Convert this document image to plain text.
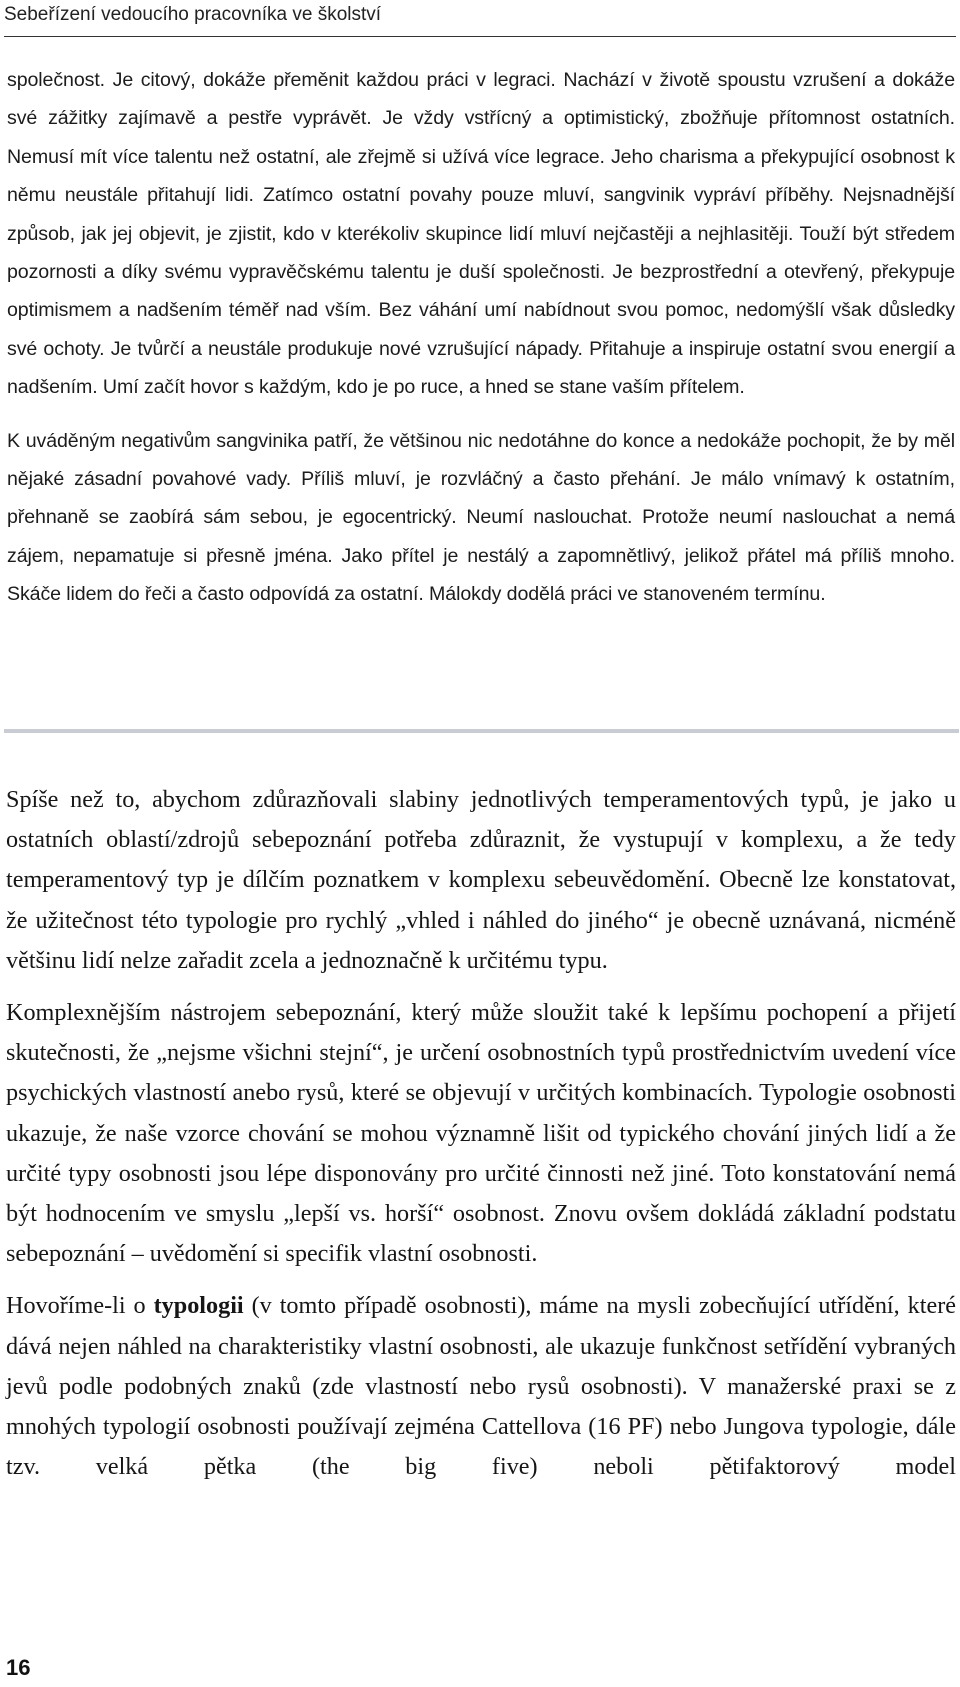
Sebeřízení vedoucího pracovníka ve školství

společnost. Je citový, dokáže přeměnit každou práci v legraci. Nachází v životě spoustu vzrušení a dokáže své zážitky zajímavě a pestře vyprávět. Je vždy vstřícný a optimistický, zbožňuje přítomnost ostatních. Nemusí mít více talentu než ostatní, ale zřejmě si užívá více legrace. Jeho charisma a překypující osobnost k němu neustále přitahují lidi. Zatímco ostatní povahy pouze mluví, sangvinik vypráví příběhy. Nejsnadnější způsob, jak jej objevit, je zjistit, kdo v kterékoliv skupince lidí mluví nejčastěji a nejhlasitěji. Touží být středem pozornosti a díky svému vypravěčskému talentu je duší společnosti. Je bezprostřední a otevřený, překypuje optimismem a nadšením téměř nad vším. Bez váhání umí nabídnout svou pomoc, nedomýšlí však důsledky své ochoty. Je tvůrčí a neustále produkuje nové vzrušující nápady. Přitahuje a inspiruje ostatní svou energií a nadšením. Umí začít hovor s každým, kdo je po ruce, a hned se stane vaším přítelem.

K uváděným negativům sangvinika patří, že většinou nic nedotáhne do konce a nedokáže pochopit, že by měl nějaké zásadní povahové vady. Příliš mluví, je rozvláčný a často přehání. Je málo vnímavý k ostatním, přehnaně se zaobírá sám sebou, je egocentrický. Neumí naslouchat. Protože neumí naslouchat a nemá zájem, nepamatuje si přesně jména. Jako přítel je nestálý a zapomnětlivý, jelikož přátel má příliš mnoho. Skáče lidem do řeči a často odpovídá za ostatní. Málokdy dodělá práci ve stanoveném termínu.

Spíše než to, abychom zdůrazňovali slabiny jednotlivých temperamentových typů, je jako u ostatních oblastí/zdrojů sebepoznání potřeba zdůraznit, že vystupují v komplexu, a že tedy temperamentový typ je dílčím poznatkem v komplexu sebeuvědomění. Obecně lze konstatovat, že užitečnost této typologie pro rychlý „vhled i náhled do jiného“ je obecně uznávaná, nicméně většinu lidí nelze zařadit zcela a jednoznačně k určitému typu.

Komplexnějším nástrojem sebepoznání, který může sloužit také k lepšímu pochopení a přijetí skutečnosti, že „nejsme všichni stejní“, je určení osobnostních typů prostřednictvím uvedení více psychických vlastností anebo rysů, které se objevují v určitých kombinacích. Typologie osobnosti ukazuje, že naše vzorce chování se mohou významně lišit od typického chování jiných lidí a že určité typy osobnosti jsou lépe disponovány pro určité činnosti než jiné. Toto konstatování nemá být hodnocením ve smyslu „lepší vs. horší“ osobnost. Znovu ovšem dokládá základní podstatu sebepoznání – uvědomění si specifik vlastní osobnosti.

Hovoříme-li o typologii (v tomto případě osobnosti), máme na mysli zobecňující utřídění, které dává nejen náhled na charakteristiky vlastní osobnosti, ale ukazuje funkčnost setřídění vybraných jevů podle podobných znaků (zde vlastností nebo rysů osobnosti). V manažerské praxi se z mnohých typologií osobnosti používají zejména Cattellova (16 PF) nebo Jungova typologie, dále tzv. velká pětka (the big five) neboli pětifaktorový model

16
